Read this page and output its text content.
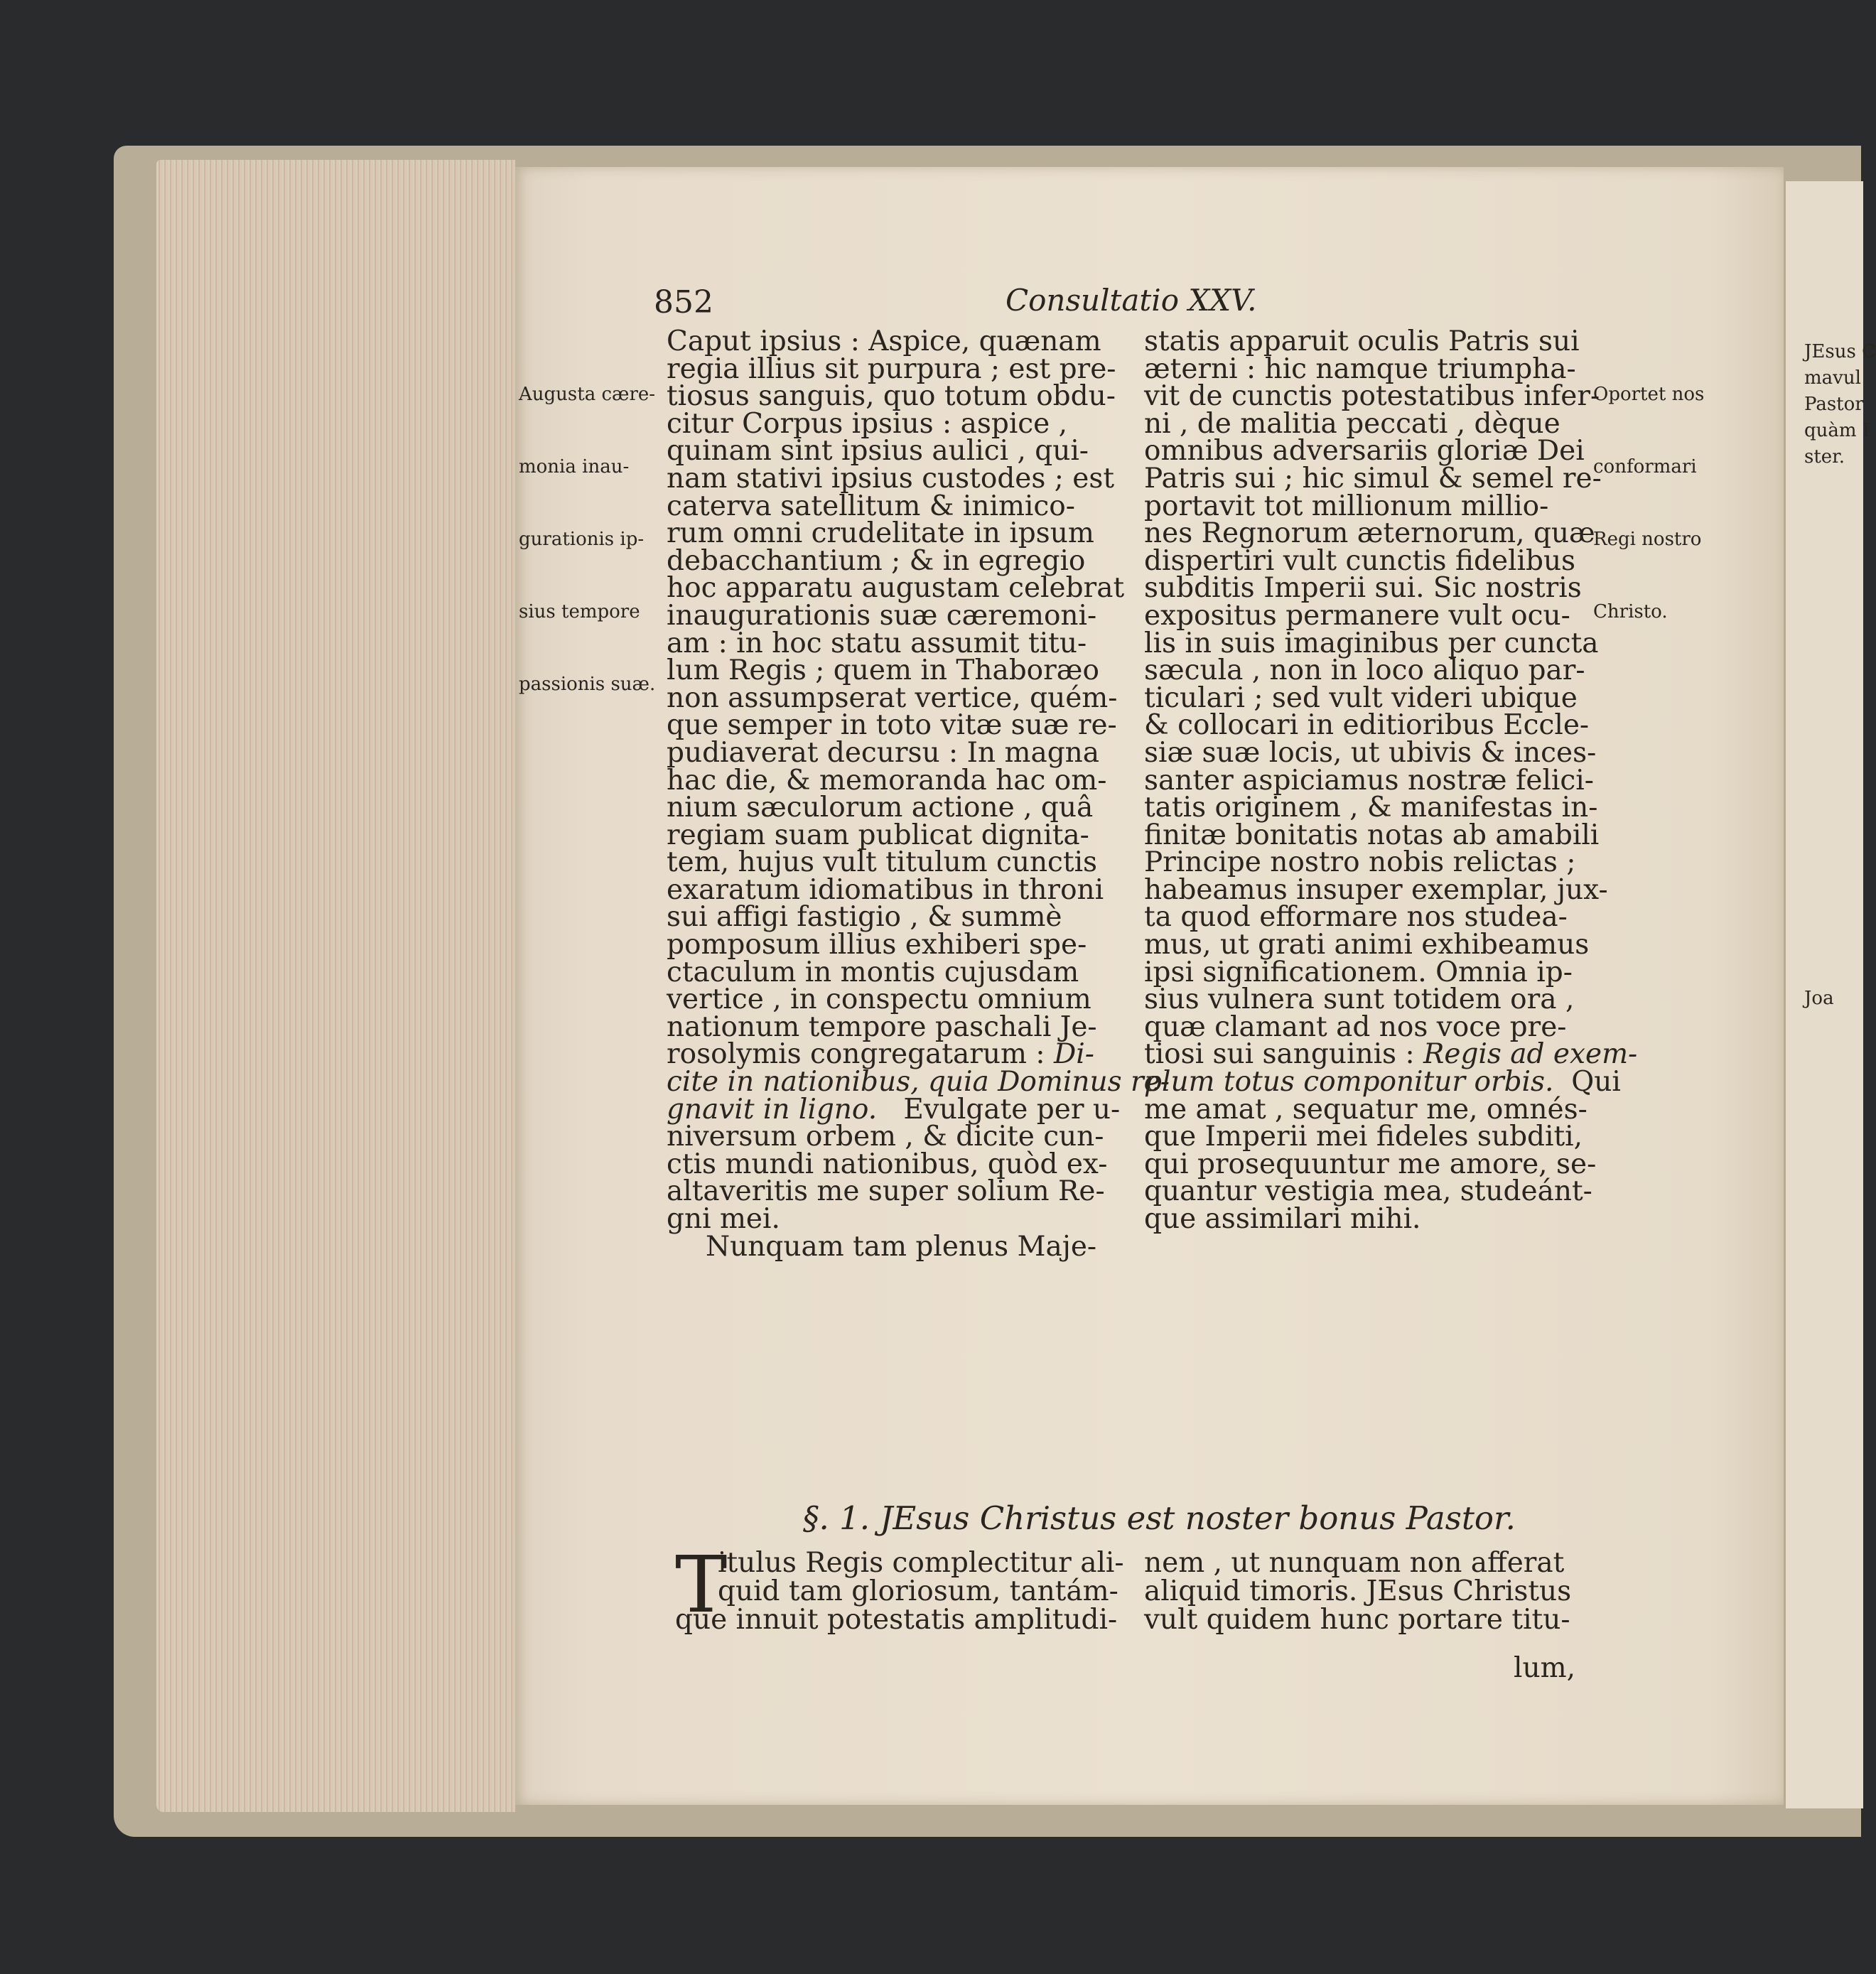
JEsus C
mavul
Pastor
quàm I
ster.
Joa
852	Consultatio XXV.

Augusta cære-

monia inau-

gurationis ip-

sius tempore

passionis suæ.

Oportet nos

conformari

Regi nostro

Christo.

Caput ipsius : Aspice, quænam
regia illius sit purpura ; est pre-
tiosus sanguis, quo totum obdu-
citur Corpus ipsius : aspice ,
quinam sint ipsius aulici , qui-
nam stativi ipsius custodes ; est
caterva satellitum & inimico-
rum omni crudelitate in ipsum
debacchantium ; & in egregio
hoc apparatu augustam celebrat
inaugurationis suæ cæremoni-
am : in hoc statu assumit titu-
lum Regis ; quem in Thaboræo
non assumpserat vertice, quém-
que semper in toto vitæ suæ re-
pudiaverat decursu : In magna
hac die, & memoranda hac om-
nium sæculorum actione , quâ
regiam suam publicat dignita-
tem, hujus vult titulum cunctis
exaratum idiomatibus in throni
sui affigi fastigio , & summè
pomposum illius exhiberi spe-
ctaculum in montis cujusdam
vertice , in conspectu omnium
nationum tempore paschali Je-
rosolymis congregatarum : Di-
cite in nationibus, quia Dominus re-
gnavit in ligno. Evulgate per u-
niversum orbem , & dicite cun-
ctis mundi nationibus, quòd ex-
altaveritis me super solium Re-
gni mei.
Nunquam tam plenus Maje-
statis apparuit oculis Patris sui
æterni : hic namque triumpha-
vit de cunctis potestatibus infer-
ni , de malitia peccati , dèque
omnibus adversariis gloriæ Dei
Patris sui ; hic simul & semel re-
portavit tot millionum millio-
nes Regnorum æternorum, quæ
dispertiri vult cunctis fidelibus
subditis Imperii sui. Sic nostris
expositus permanere vult ocu-
lis in suis imaginibus per cuncta
sæcula , non in loco aliquo par-
ticulari ; sed vult videri ubique
& collocari in editioribus Eccle-
siæ suæ locis, ut ubivis & inces-
santer aspiciamus nostræ felici-
tatis originem , & manifestas in-
finitæ bonitatis notas ab amabili
Principe nostro nobis relictas ;
habeamus insuper exemplar, jux-
ta quod efformare nos studea-
mus, ut grati animi exhibeamus
ipsi significationem. Omnia ip-
sius vulnera sunt totidem ora ,
quæ clamant ad nos voce pre-
tiosi sui sanguinis : Regis ad exem-
plum totus componitur orbis. Qui
me amat , sequatur me, omnés-
que Imperii mei fideles subditi,
qui prosequuntur me amore, se-
quantur vestigia mea, studeánt-
que assimilari mihi.
§. 1. JEsus Christus est noster bonus Pastor.
T
itulus Regis complectitur ali-
quid tam gloriosum, tantám-
que innuit potestatis amplitudi-
nem , ut nunquam non afferat
aliquid timoris. JEsus Christus
vult quidem hunc portare titu-
lum,
